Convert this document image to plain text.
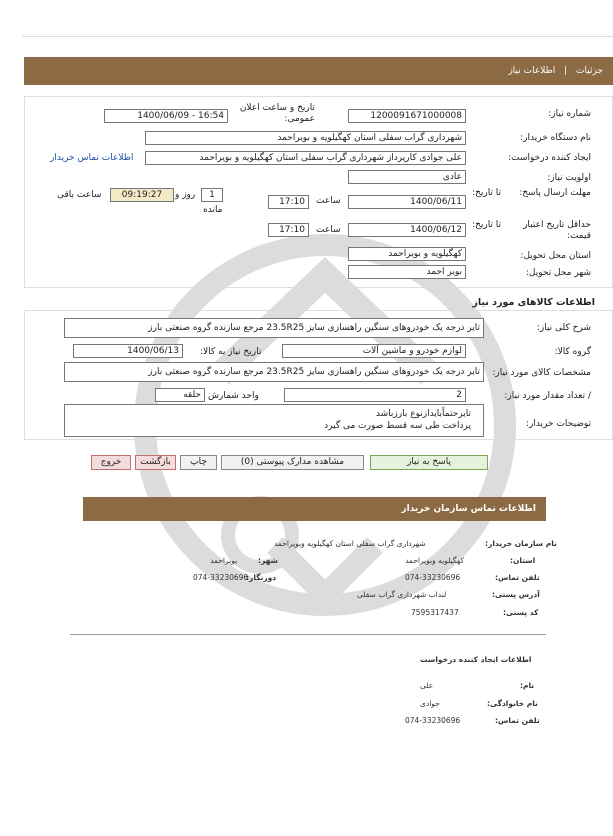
جزئیات | اطلاعات نیاز
شماره نیاز:
1200091671000008
تاریخ و ساعت اعلان عمومی:
1400/06/09 - 16:54
نام دستگاه خریدار:
شهرداری گراب سفلی استان کهگیلویه و بویراحمد
ایجاد کننده درخواست:
علی جوادی کارپرداز شهرداری گراب سفلی استان کهگیلویه و بویراحمد
اطلاعات تماس خریدار
اولویت نیاز:
عادی
مهلت ارسال پاسخ:
تا تاریخ:
1400/06/11
ساعت
17:10
1
روز و
مانده
09:19:27
ساعت باقی
حداقل تاریخ اعتبار قیمت:
تا تاریخ:
1400/06/12
ساعت
17:10
استان محل تحویل:
کهگیلویه و بویراحمد
شهر محل تحویل:
بویر احمد
اطلاعات کالاهای مورد نیاز
شرح کلی نیاز:
تایر درجه یک خودروهای سنگین راهسازی سایز 23.5R25 مرجع سازنده گروه صنعتی بارز
گروه کالا:
لوازم خودرو و ماشین آلات
تاریخ نیاز به کالا:
1400/06/13
مشخصات کالای مورد نیاز:
تایر درجه یک خودروهای سنگین راهسازی سایز 23.5R25 مرجع سازنده گروه صنعتی بارز
/ تعداد مقدار مورد نیاز:
2
واحد شمارش
حلقه
توضیحات خریدار:
تایرحتماًبایدازنوع بارزباشد
پرداخت طی سه قسط صورت می گیرد
پاسخ به نیاز
مشاهده مدارک پیوستی (0)
چاپ
بازگشت
خروج
اطلاعات تماس سازمان خریدار
نام سازمان خریدار:
شهرداری گراب سفلی استان کهگیلویه وبویراحمد
استان:
کهگیلویه وبویراحمد
شهر:
بویراحمد
تلفن تماس:
074-33230696
دورنگار:
074-33230696
آدرس پستی:
لنداب شهرداری گراب سفلی
کد پستی:
7595317437
اطلاعات ایجاد کننده درخواست
نام:
علی
نام خانوادگی:
جوادی
تلفن تماس:
074-33230696
